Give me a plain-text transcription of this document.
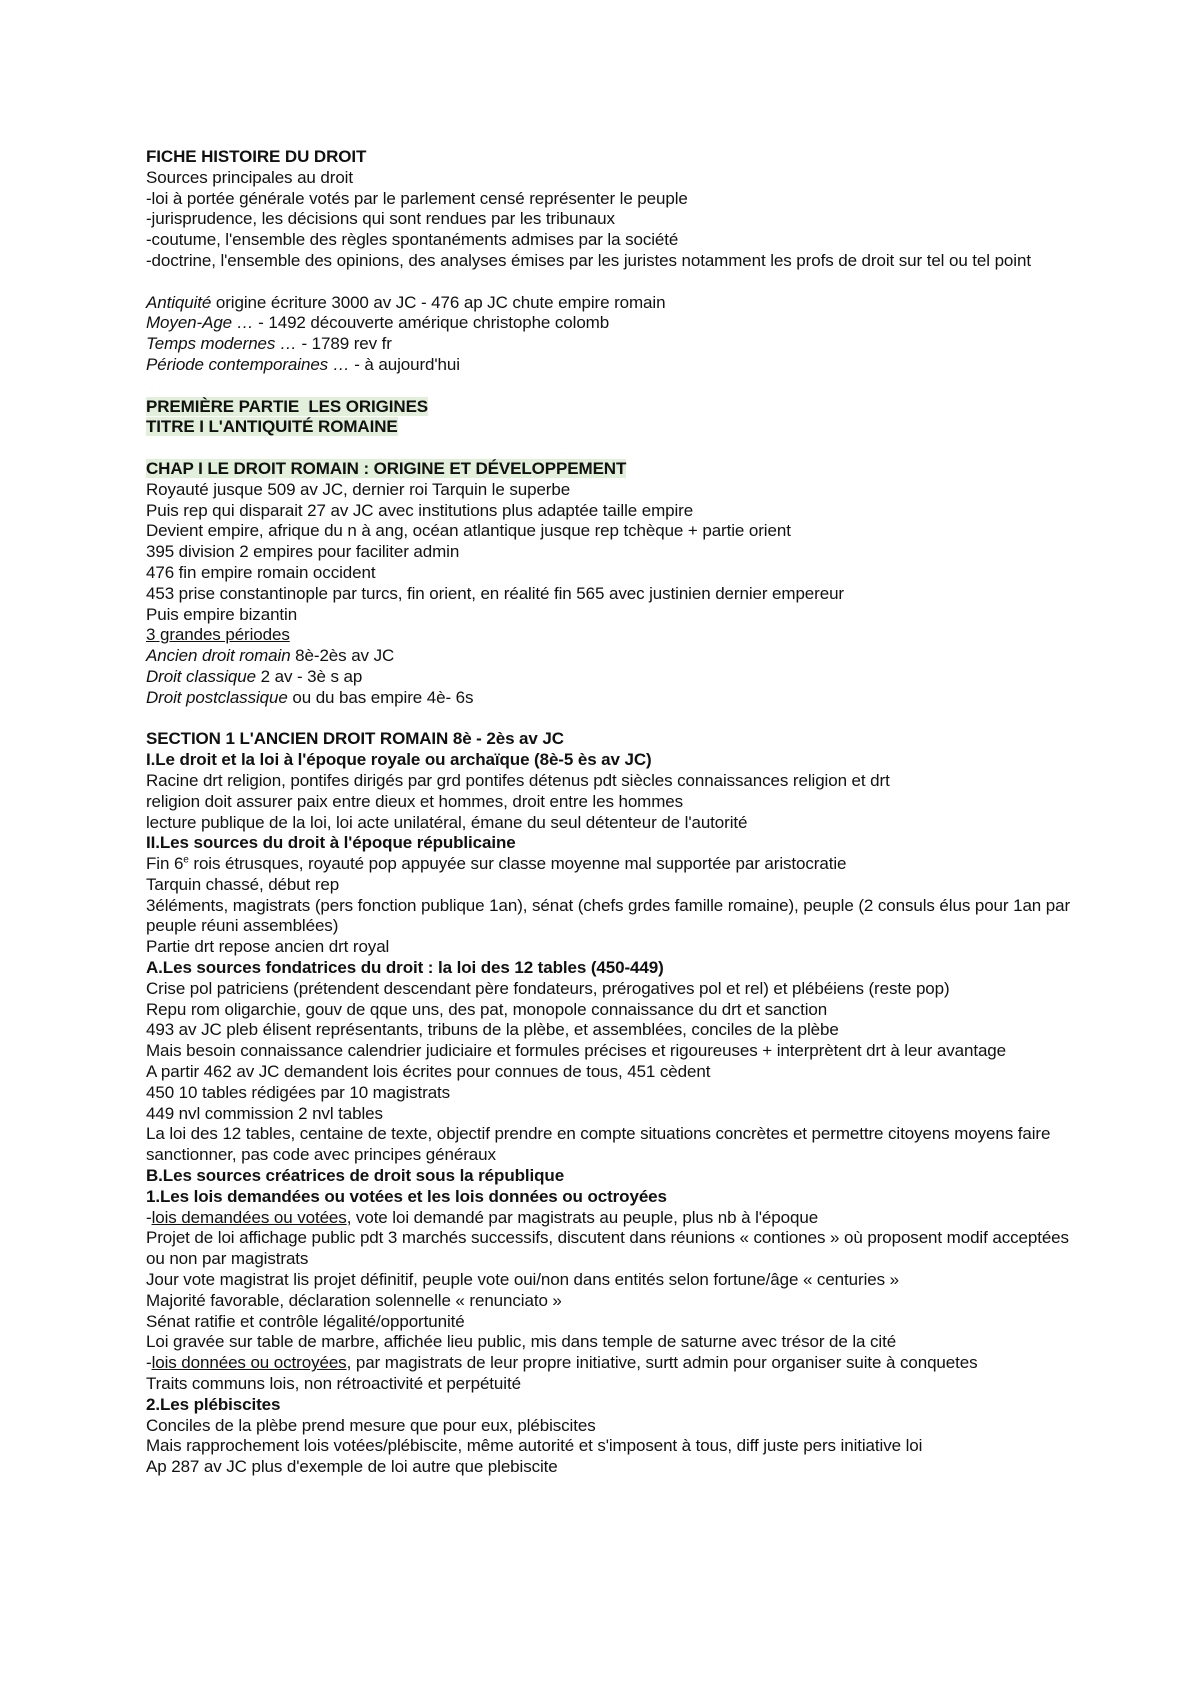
FICHE HISTOIRE DU DROIT
Sources principales au droit
-loi à portée générale votés par le parlement censé représenter le peuple
-jurisprudence, les décisions qui sont rendues par les tribunaux
-coutume, l'ensemble des règles spontanéments admises par la société
-doctrine, l'ensemble des opinions, des analyses émises par les juristes notamment les profs de droit sur tel ou tel point
Antiquité origine écriture 3000 av JC - 476 ap JC chute empire romain
Moyen-Age … - 1492 découverte amérique christophe colomb
Temps modernes … - 1789 rev fr
Période contemporaines … - à aujourd'hui
PREMIÈRE PARTIE  LES ORIGINES
TITRE I L'ANTIQUITÉ ROMAINE
CHAP I LE DROIT ROMAIN : ORIGINE ET DÉVELOPPEMENT
Royauté jusque 509 av JC, dernier roi Tarquin le superbe
Puis rep qui disparait 27 av JC avec institutions plus adaptée taille empire
Devient empire, afrique du n à ang, océan atlantique jusque rep tchèque + partie orient
395 division 2 empires pour faciliter admin
476 fin empire romain occident
453 prise constantinople par turcs, fin orient, en réalité fin 565 avec justinien dernier empereur
Puis empire bizantin
3 grandes périodes
Ancien droit romain 8è-2ès av JC
Droit classique 2 av - 3è s ap
Droit postclassique ou du bas empire 4è- 6s
SECTION 1 L'ANCIEN DROIT ROMAIN 8è - 2ès av JC
I.Le droit et la loi à l'époque royale ou archaïque (8è-5 ès av JC)
Racine drt religion, pontifes dirigés par grd pontifes détenus pdt siècles connaissances religion et drt
religion doit assurer paix entre dieux et hommes, droit entre les hommes
lecture publique de la loi, loi acte unilatéral, émane du seul détenteur de l'autorité
II.Les sources du droit à l'époque républicaine
Fin 6e rois étrusques, royauté pop appuyée sur classe moyenne mal supportée par aristocratie
Tarquin chassé, début rep
3éléments, magistrats (pers fonction publique 1an), sénat (chefs grdes famille romaine), peuple (2 consuls élus pour 1an par peuple réuni assemblées)
Partie drt repose ancien drt royal
A.Les sources fondatrices du droit : la loi des 12 tables (450-449)
Crise pol patriciens (prétendent descendant père fondateurs, prérogatives pol et rel) et plébéiens (reste pop)
Repu rom oligarchie, gouv de qque uns, des pat, monopole connaissance du drt et sanction
493 av JC pleb élisent représentants, tribuns de la plèbe, et assemblées, conciles de la plèbe
Mais besoin connaissance calendrier judiciaire et formules précises et rigoureuses + interprètent drt à leur avantage
A partir 462 av JC demandent lois écrites pour connues de tous, 451 cèdent
450 10 tables rédigées par 10 magistrats
449 nvl commission 2 nvl tables
La loi des 12 tables, centaine de texte, objectif prendre en compte situations concrètes et permettre citoyens moyens faire sanctionner, pas code avec principes généraux
B.Les sources créatrices de droit sous la république
1.Les lois demandées ou votées et les lois données ou octroyées
-lois demandées ou votées, vote loi demandé par magistrats au peuple, plus nb à l'époque
Projet de loi affichage public pdt 3 marchés successifs, discutent dans réunions « contiones » où proposent modif acceptées ou non par magistrats
Jour vote magistrat lis projet définitif, peuple vote oui/non dans entités selon fortune/âge « centuries »
Majorité favorable, déclaration solennelle « renunciato »
Sénat ratifie et contrôle légalité/opportunité
Loi gravée sur table de marbre, affichée lieu public, mis dans temple de saturne avec trésor de la cité
-lois données ou octroyées, par magistrats de leur propre initiative, surtt admin pour organiser suite à conquetes
Traits communs lois, non rétroactivité et perpétuité
2.Les plébiscites
Conciles de la plèbe prend mesure que pour eux, plébiscites
Mais rapprochement lois votées/plébiscite, même autorité et s'imposent à tous, diff juste pers initiative loi
Ap 287 av JC plus d'exemple de loi autre que plebiscite
